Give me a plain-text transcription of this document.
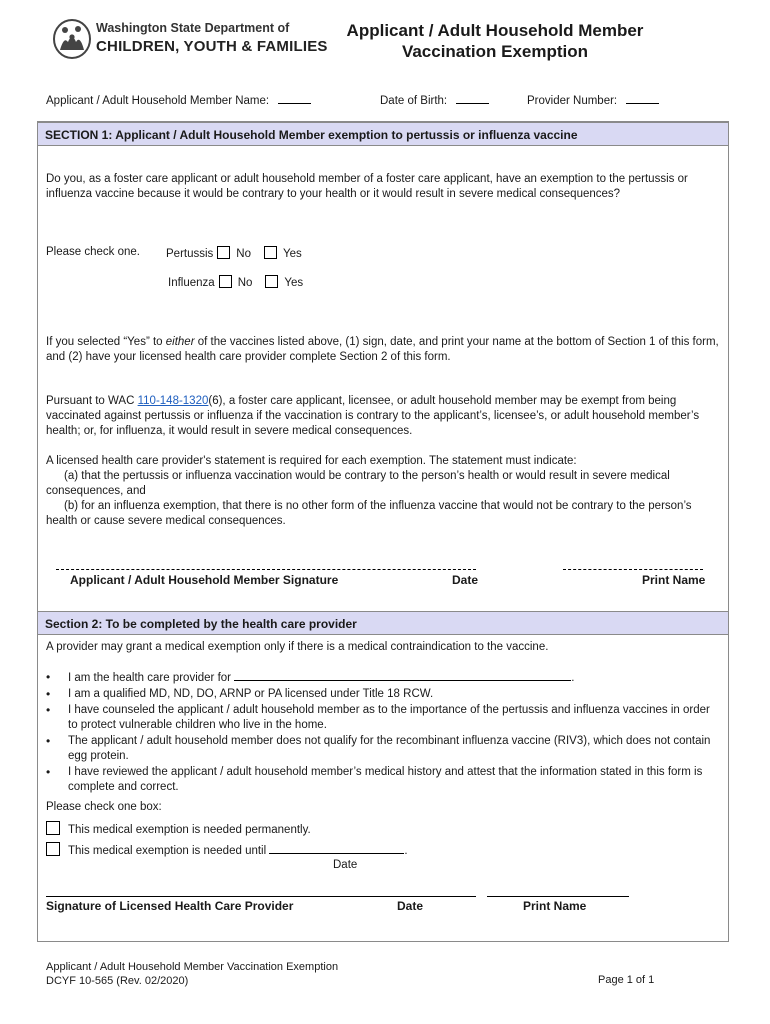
Washington State Department of
CHILDREN, YOUTH & FAMILIES
Applicant / Adult Household Member
Vaccination Exemption
Applicant / Adult Household Member Name:	Date of Birth:	Provider Number:
SECTION 1: Applicant / Adult Household Member exemption to pertussis or influenza vaccine

Do you, as a foster care applicant or adult household member of a foster care applicant, have an exemption to the pertussis or influenza vaccine because it would be contrary to your health or it would result in severe medical consequences?

Please check one. Pertussis No	Yes
Influenza No	Yes

If you selected “Yes” to either of the vaccines listed above, (1) sign, date, and print your name at the bottom of Section 1 of this form, and (2) have your licensed health care provider complete Section 2 of this form.

Pursuant to WAC 110-148-1320(6), a foster care applicant, licensee, or adult household member may be exempt from being vaccinated against pertussis or influenza if the vaccination is contrary to the applicant’s, licensee’s, or adult household member’s health; or, for influenza, it would result in severe medical consequences.

A licensed health care provider's statement is required for each exemption. The statement must indicate:

(a) that the pertussis or influenza vaccination would be contrary to the person’s health or would result in severe medical consequences, and

(b) for an influenza exemption, that there is no other form of the influenza vaccine that would not be contrary to the person’s health or cause severe medical consequences.

Applicant / Adult Household Member Signature	Date	Print Name
Section 2: To be completed by the health care provider

A provider may grant a medical exemption only if there is a medical contraindication to the vaccine.

• I am the health care provider for	.
• I am a qualified MD, ND, DO, ARNP or PA licensed under Title 18 RCW.
• I have counseled the applicant / adult household member as to the importance of the pertussis and influenza vaccines in order to protect vulnerable children who live in the home.
• The applicant / adult household member does not qualify for the recombinant influenza vaccine (RIV3), which does not contain egg protein.
• I have reviewed the applicant / adult household member’s medical history and attest that the information stated in this form is complete and correct.
Please check one box:
This medical exemption is needed permanently.
This medical exemption is needed until	.
Date
Signature of Licensed Health Care Provider	Date	Print Name
Applicant / Adult Household Member Vaccination Exemption
DCYF 10-565 (Rev. 02/2020)	Page 1 of 1
